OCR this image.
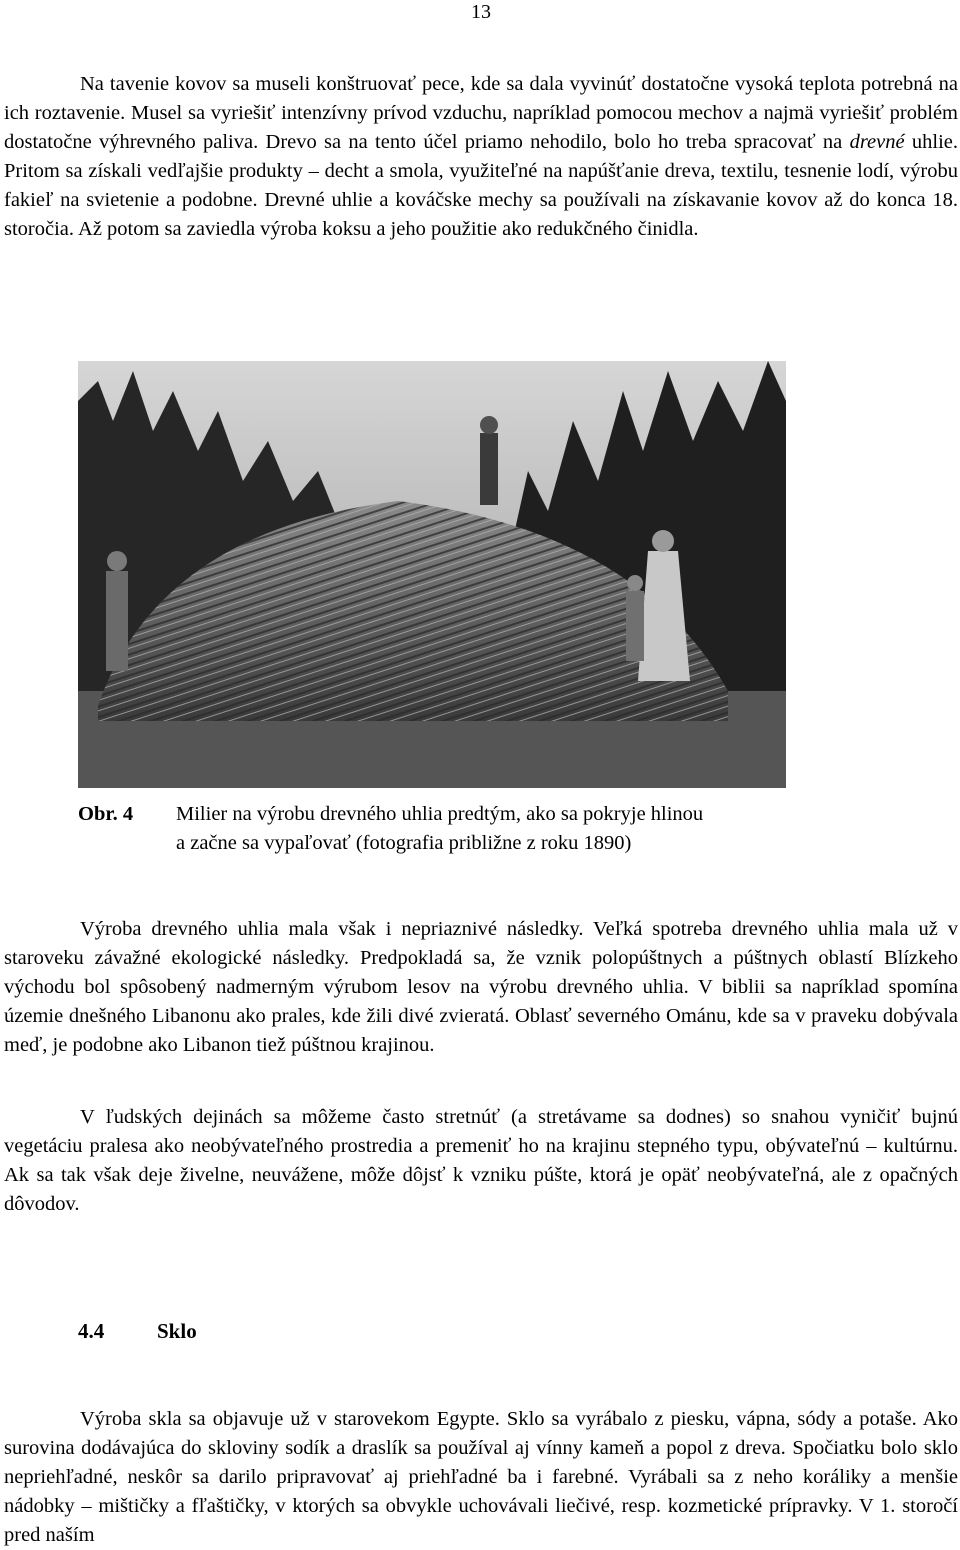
13

Na tavenie kovov sa museli konštruovať pece, kde sa dala vyvinúť dostatočne vysoká teplota potrebná na ich roztavenie. Musel sa vyriešiť intenzívny prívod vzduchu, napríklad pomocou mechov a najmä vyriešiť problém dostatočne výhrevného paliva. Drevo sa na tento účel priamo nehodilo, bolo ho treba spracovať na drevné uhlie. Pritom sa získali vedľajšie produkty – decht a smola, využiteľné na napúšťanie dreva, textilu, tesnenie lodí, výrobu fakieľ na svietenie a podobne. Drevné uhlie a kováčske mechy sa používali na získavanie kovov až do konca 18. storočia. Až potom sa zaviedla výroba koksu a jeho použitie ako redukčného činidla.

Obr. 4 Milier na výrobu drevného uhlia predtým, ako sa pokryje hlinou
a začne sa vypaľovať (fotografia približne z roku 1890)

Výroba drevného uhlia mala však i nepriaznivé následky. Veľká spotreba drevného uhlia mala už v staroveku závažné ekologické následky. Predpokladá sa, že vznik polopúštnych a púštnych oblastí Blízkeho východu bol spôsobený nadmerným výrubom lesov na výrobu drevného uhlia. V biblii sa napríklad spomína územie dnešného Libanonu ako prales, kde žili divé zvieratá. Oblasť severného Ománu, kde sa v praveku dobývala meď, je podobne ako Libanon tiež púštnou krajinou.

V ľudských dejinách sa môžeme často stretnúť (a stretávame sa dodnes) so snahou vyničiť bujnú vegetáciu pralesa ako neobývateľného prostredia a premeniť ho na krajinu stepného typu, obývateľnú – kultúrnu. Ak sa tak však deje živelne, neuvážene, môže dôjsť k vzniku púšte, ktorá je opäť neobývateľná, ale z opačných dôvodov.

4.4	Sklo

Výroba skla sa objavuje už v starovekom Egypte. Sklo sa vyrábalo z piesku, vápna, sódy a potaše. Ako surovina dodávajúca do skloviny sodík a draslík sa používal aj vínny kameň a popol z dreva. Spočiatku bolo sklo nepriehľadné, neskôr sa darilo pripravovať aj priehľadné ba i farebné. Vyrábali sa z neho koráliky a menšie nádobky – mištičky a fľaštičky, v ktorých sa obvykle uchovávali liečivé, resp. kozmetické prípravky. V 1. storočí pred naším
